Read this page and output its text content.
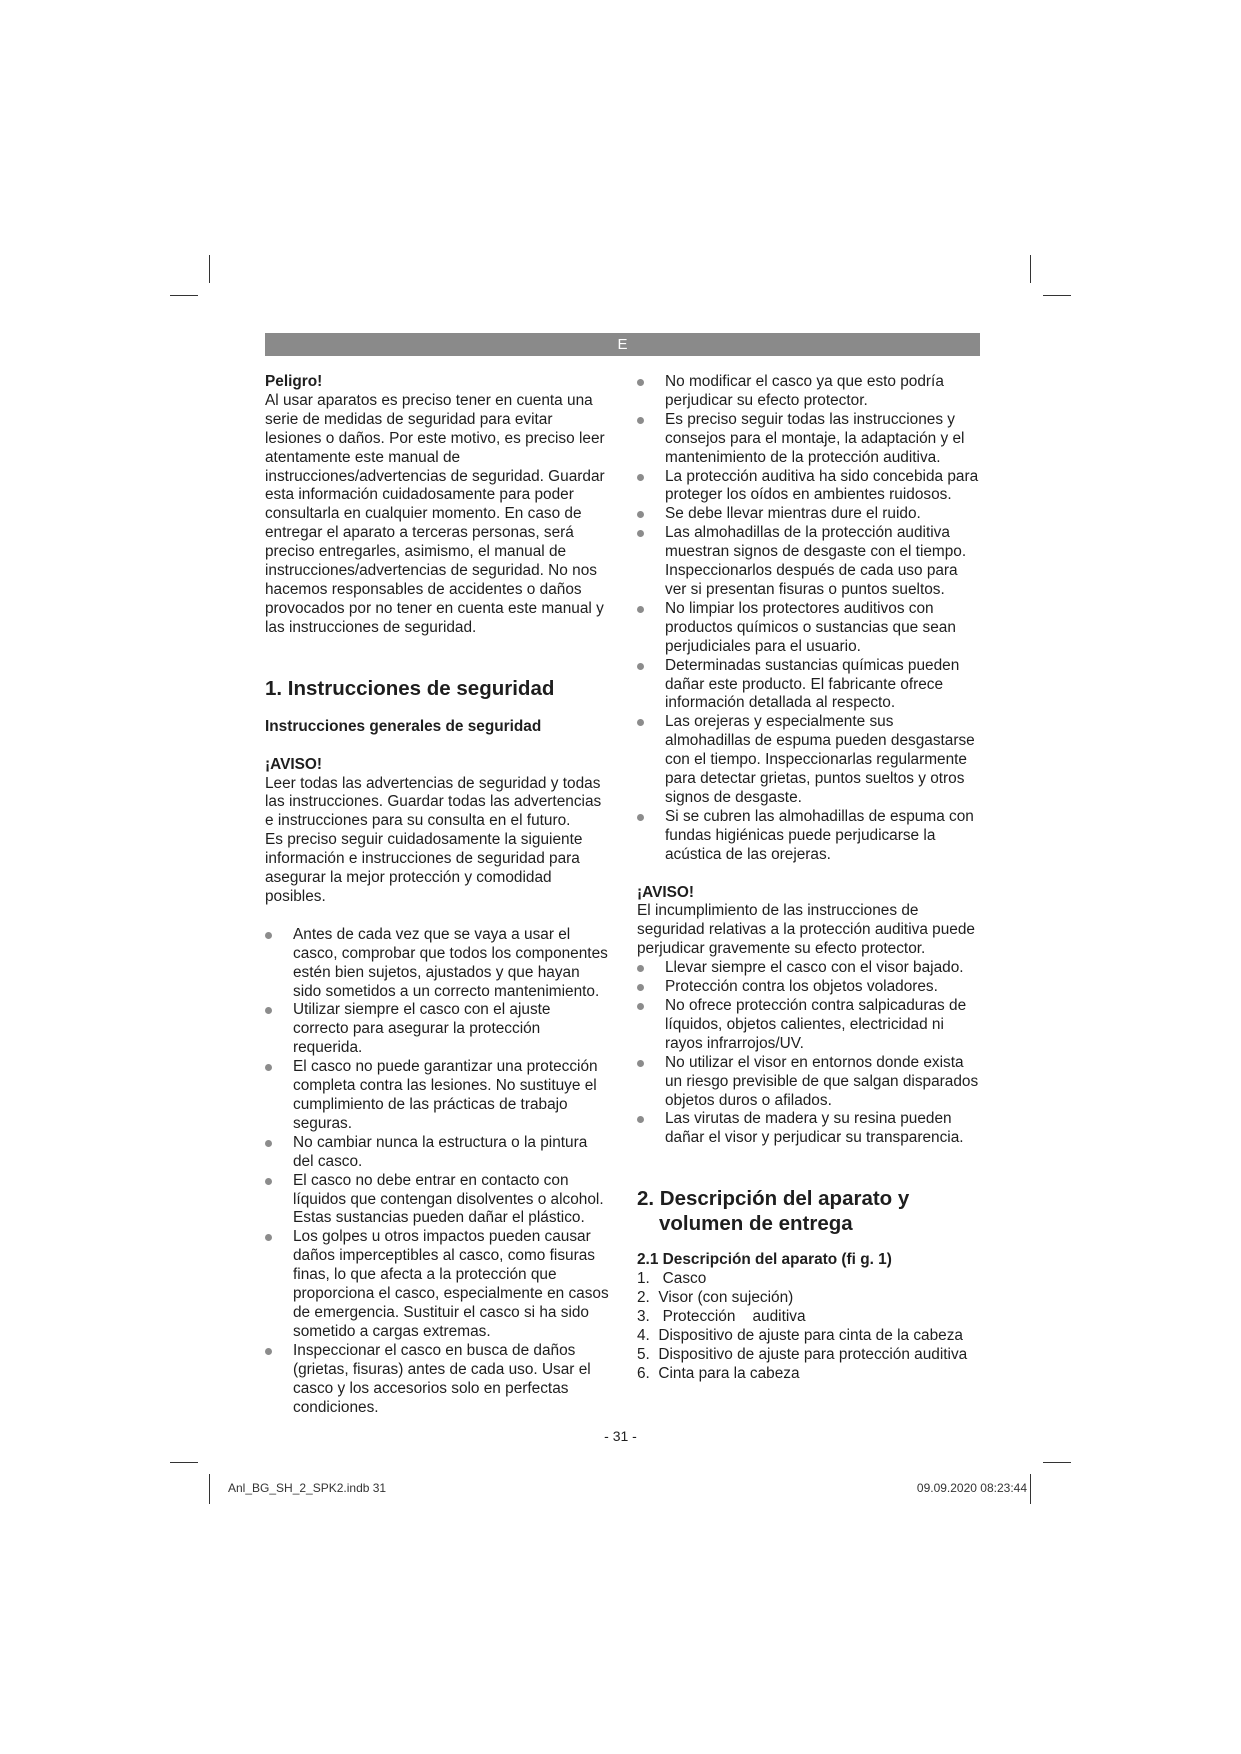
E

Peligro!

Al usar aparatos es preciso tener en cuenta una serie de medidas de seguridad para evitar lesiones o daños. Por este motivo, es preciso leer atentamente este manual de instrucciones/advertencias de seguridad. Guardar esta información cuidadosamente para poder consultarla en cualquier momento. En caso de entregar el aparato a terceras personas, será preciso entregarles, asimismo, el manual de instrucciones/advertencias de seguridad. No nos hacemos responsables de accidentes o daños provocados por no tener en cuenta este manual y las instrucciones de seguridad.

1. Instrucciones de seguridad

Instrucciones generales de seguridad

¡AVISO!

Leer todas las advertencias de seguridad y todas las instrucciones. Guardar todas las advertencias e instrucciones para su consulta en el futuro.

Es preciso seguir cuidadosamente la siguiente información e instrucciones de seguridad para asegurar la mejor protección y comodidad posibles.

Antes de cada vez que se vaya a usar el casco, comprobar que todos los componentes estén bien sujetos, ajustados y que hayan sido sometidos a un correcto mantenimiento.
Utilizar siempre el casco con el ajuste correcto para asegurar la protección requerida.
El casco no puede garantizar una protección completa contra las lesiones. No sustituye el cumplimiento de las prácticas de trabajo seguras.
No cambiar nunca la estructura o la pintura del casco.
El casco no debe entrar en contacto con líquidos que contengan disolventes o alcohol. Estas sustancias pueden dañar el plástico.
Los golpes u otros impactos pueden causar daños imperceptibles al casco, como fisuras finas, lo que afecta a la protección que proporciona el casco, especialmente en casos de emergencia. Sustituir el casco si ha sido sometido a cargas extremas.
Inspeccionar el casco en busca de daños (grietas, fisuras) antes de cada uso. Usar el casco y los accesorios solo en perfectas condiciones.
No modificar el casco ya que esto podría perjudicar su efecto protector.
Es preciso seguir todas las instrucciones y consejos para el montaje, la adaptación y el mantenimiento de la protección auditiva.
La protección auditiva ha sido concebida para proteger los oídos en ambientes ruidosos.
Se debe llevar mientras dure el ruido.
Las almohadillas de la protección auditiva muestran signos de desgaste con el tiempo. Inspeccionarlos después de cada uso para ver si presentan fisuras o puntos sueltos.
No limpiar los protectores auditivos con productos químicos o sustancias que sean perjudiciales para el usuario.
Determinadas sustancias químicas pueden dañar este producto. El fabricante ofrece información detallada al respecto.
Las orejeras y especialmente sus almohadillas de espuma pueden desgastarse con el tiempo. Inspeccionarlas regularmente para detectar grietas, puntos sueltos y otros signos de desgaste.
Si se cubren las almohadillas de espuma con fundas higiénicas puede perjudicarse la acústica de las orejeras.

¡AVISO!

El incumplimiento de las instrucciones de seguridad relativas a la protección auditiva puede perjudicar gravemente su efecto protector.

Llevar siempre el casco con el visor bajado.
Protección contra los objetos voladores.
No ofrece protección contra salpicaduras de líquidos, objetos calientes, electricidad ni rayos infrarrojos/UV.
No utilizar el visor en entornos donde exista un riesgo previsible de que salgan disparados objetos duros o afilados.
Las virutas de madera y su resina pueden dañar el visor y perjudicar su transparencia.

2. Descripción del aparato y volumen de entrega

2.1 Descripción del aparato (fi g. 1)

1.   Casco
2.  Visor (con sujeción)
3.   Protección    auditiva
4.  Dispositivo de ajuste para cinta de la cabeza
5.  Dispositivo de ajuste para protección auditiva
6.  Cinta para la cabeza
- 31 -
Anl_BG_SH_2_SPK2.indb 31	09.09.2020 08:23:44
